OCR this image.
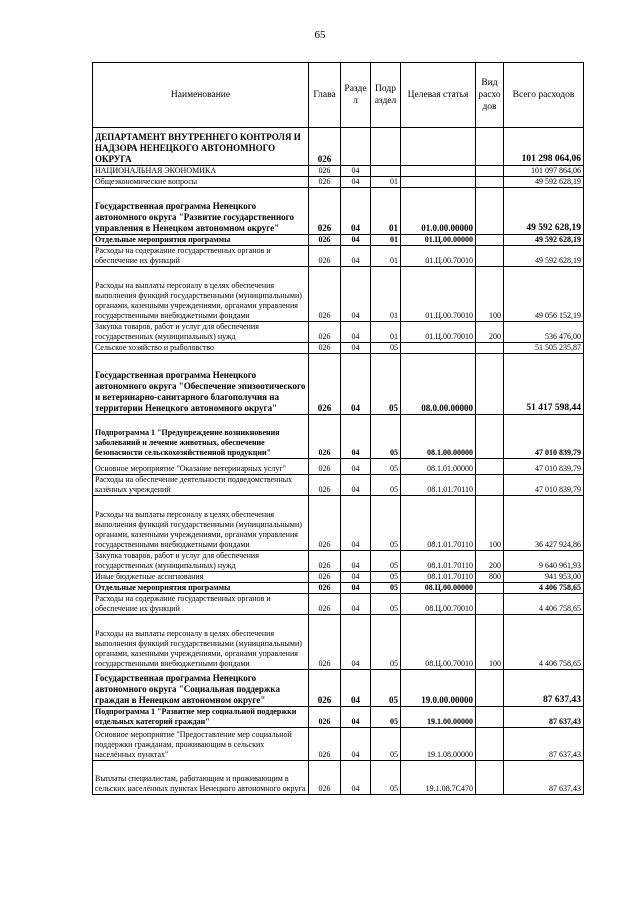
65
Наименование	Глава	Разде л	Подр аздел	Целевая статья	Вид расхо дов	Всего расходов
ДЕПАРТАМЕНТ ВНУТРЕННЕГО КОНТРОЛЯ И НАДЗОРА НЕНЕЦКОГО АВТОНОМНОГО ОКРУГА	026					101 298 064,06
НАЦИОНАЛЬНАЯ ЭКОНОМИКА	026	04				101 097 864,06
Общеэкономические вопросы	026	04	01			49 592 628,19
Государственная программа Ненецкого автономного округа "Развитие государственного управления в Ненецком автономном округе"	026	04	01	01.0.00.00000		49 592 628,19
Отдельные мероприятия программы	026	04	01	01.Ц.00.00000		49 592 628,19
Расходы на содержание государственных органов и обеспечение их функций	026	04	01	01.Ц.00.70010		49 592 628,19
Расходы на выплаты персоналу в целях обеспечения выполнения функций государственными (муниципальными) органами, казенными учреждениями, органами управления государственными внебюджетными фондами	026	04	01	01.Ц.00.70010	100	49 056 152,19
Закупка товаров, работ и услуг для обеспечения государственных (муниципальных) нужд	026	04	01	01.Ц.00.70010	200	536 476,00
Сельское хозяйство и рыболовство	026	04	05			51 505 235,87
Государственная программа Ненецкого автономного округа "Обеспечение эпизоотического и ветеринарно-санитарного благополучия на территории Ненецкого автономного округа"	026	04	05	08.0.00.00000		51 417 598,44
Подпрограмма 1 "Предупреждение возникновения заболеваний и лечение животных, обеспечение безопасности сельскохозяйственной продукции"	026	04	05	08.1.00.00000		47 010 839,79
Основное мероприятие "Оказание ветеринарных услуг"	026	04	05	08.1.01.00000		47 010 839,79
Расходы на обеспечение деятельности подведомственных казённых учреждений	026	04	05	08.1.01.70110		47 010 839,79
Расходы на выплаты персоналу в целях обеспечения выполнения функций государственными (муниципальными) органами, казенными учреждениями, органами управления государственными внебюджетными фондами	026	04	05	08.1.01.70110	100	36 427 924,86
Закупка товаров, работ и услуг для обеспечения государственных (муниципальных) нужд	026	04	05	08.1.01.70110	200	9 640 961,93
Иные бюджетные ассигнования	026	04	05	08.1.01.70110	800	941 953,00
Отдельные мероприятия программы	026	04	05	08.Ц.00.00000		4 406 758,65
Расходы на содержание государственных органов и обеспечение их функций	026	04	05	08.Ц.00.70010		4 406 758,65
Расходы на выплаты персоналу в целях обеспечения выполнения функций государственными (муниципальными) органами, казенными учреждениями, органами управления государственными внебюджетными фондами	026	04	05	08.Ц.00.70010	100	4 406 758,65
Государственная программа Ненецкого автономного округа "Социальная поддержка граждан в Ненецком автономном округе"	026	04	05	19.0.00.00000		87 637,43
Подпрограмма 1 "Развитие мер социальной поддержки отдельных категорий граждан"	026	04	05	19.1.00.00000		87 637,43
Основное мероприятие "Предоставление мер социальной поддержки гражданам, проживающим в сельских населённых пунктах"	026	04	05	19.1.08.00000		87 637,43
Выплаты специалистам, работающим и проживающим в сельских населённых пунктах Ненецкого автономного округа	026	04	05	19.1.08.7С470		87 637,43
